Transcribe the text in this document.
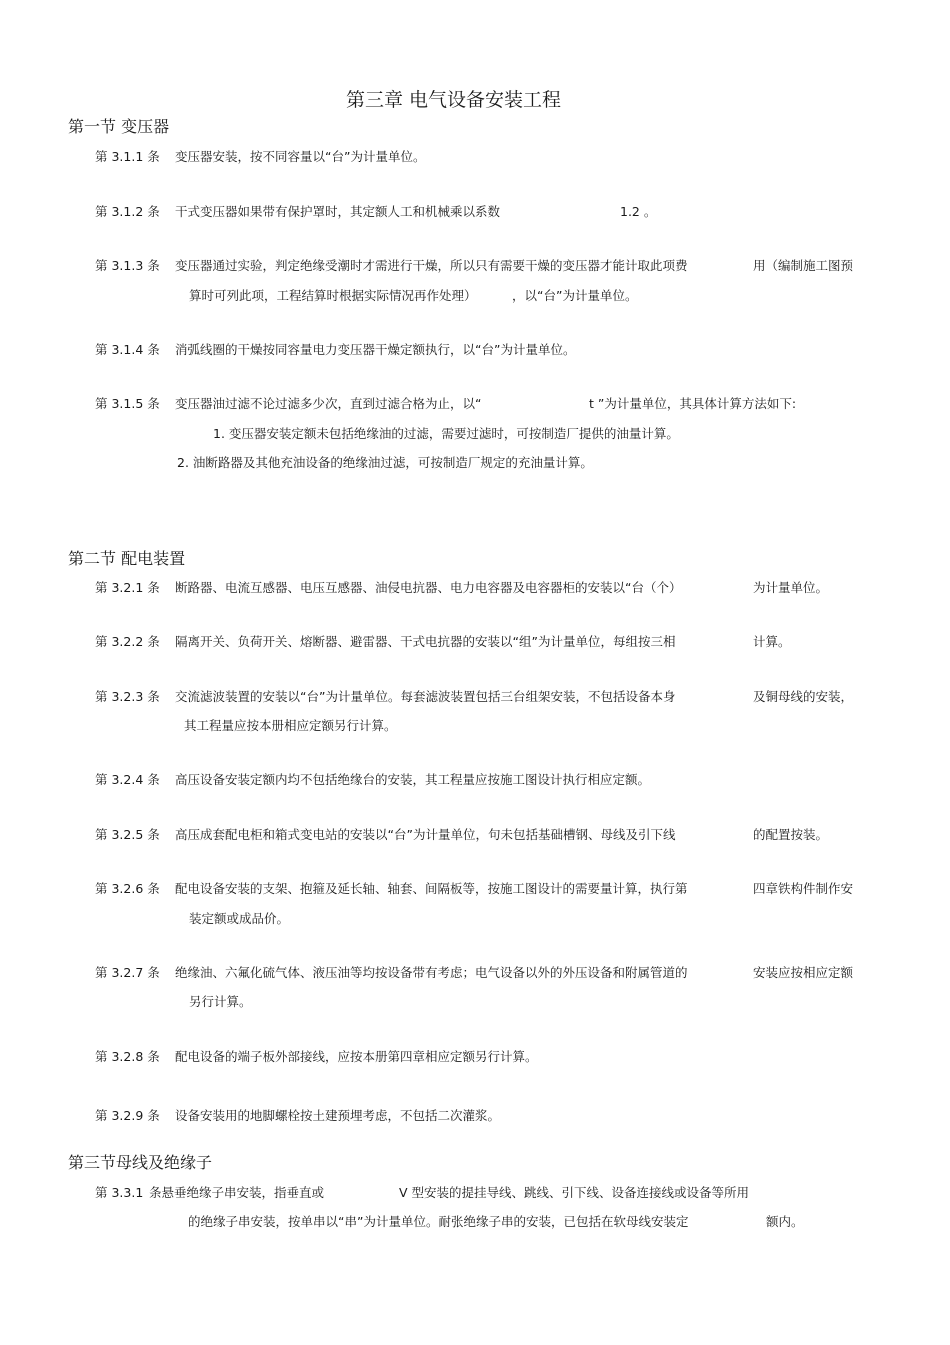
第三章 电气设备安装工程
第一节 变压器
第 3.1.1 条 变压器安装，按不同容量以“台”为计量单位。
第 3.1.2 条 干式变压器如果带有保护罩时，其定额人工和机械乘以系数	1.2 。
第 3.1.3 条 变压器通过实验，判定绝缘受潮时才需进行干燥，所以只有需要干燥的变压器才能计取此项费	用（编制施工图预
算时可列此项，工程结算时根据实际情况再作处理）	，以“台”为计量单位。
第 3.1.4 条 消弧线圈的干燥按同容量电力变压器干燥定额执行，以“台”为计量单位。
第 3.1.5 条 变压器油过滤不论过滤多少次，直到过滤合格为止，以“	t ”为计量单位，其具体计算方法如下:
1. 变压器安装定额未包括绝缘油的过滤，需要过滤时，可按制造厂提供的油量计算。
2. 油断路器及其他充油设备的绝缘油过滤，可按制造厂规定的充油量计算。
第二节 配电装置
第 3.2.1 条 断路器、电流互感器、电压互感器、油侵电抗器、电力电容器及电容器柜的安装以“台（个）	为计量单位。
第 3.2.2 条 隔离开关、负荷开关、熔断器、避雷器、干式电抗器的安装以“组”为计量单位，每组按三相	计算。
第 3.2.3 条 交流滤波装置的安装以“台”为计量单位。每套滤波装置包括三台组架安装，不包括设备本身	及铜母线的安装，
其工程量应按本册相应定额另行计算。
第 3.2.4 条 高压设备安装定额内均不包括绝缘台的安装，其工程量应按施工图设计执行相应定额。
第 3.2.5 条 高压成套配电柜和箱式变电站的安装以“台”为计量单位，句未包括基础槽钢、母线及引下线	的配置按装。
第 3.2.6 条 配电设备安装的支架、抱箍及延长轴、轴套、间隔板等，按施工图设计的需要量计算，执行第	四章铁构件制作安
装定额或成品价。
第 3.2.7 条 绝缘油、六氟化硫气体、液压油等均按设备带有考虑；电气设备以外的外压设备和附属管道的	安装应按相应定额
另行计算。
第 3.2.8 条 配电设备的端子板外部接线，应按本册第四章相应定额另行计算。
第 3.2.9 条 设备安装用的地脚螺栓按土建预埋考虑，不包括二次灌浆。
第三节母线及绝缘子
第 3.3.1 条悬垂绝缘子串安装，指垂直或	V 型安装的提挂导线、跳线、引下线、设备连接线或设备等所用
的绝缘子串安装，按单串以“串”为计量单位。耐张绝缘子串的安装，已包括在软母线安装定	额内。
